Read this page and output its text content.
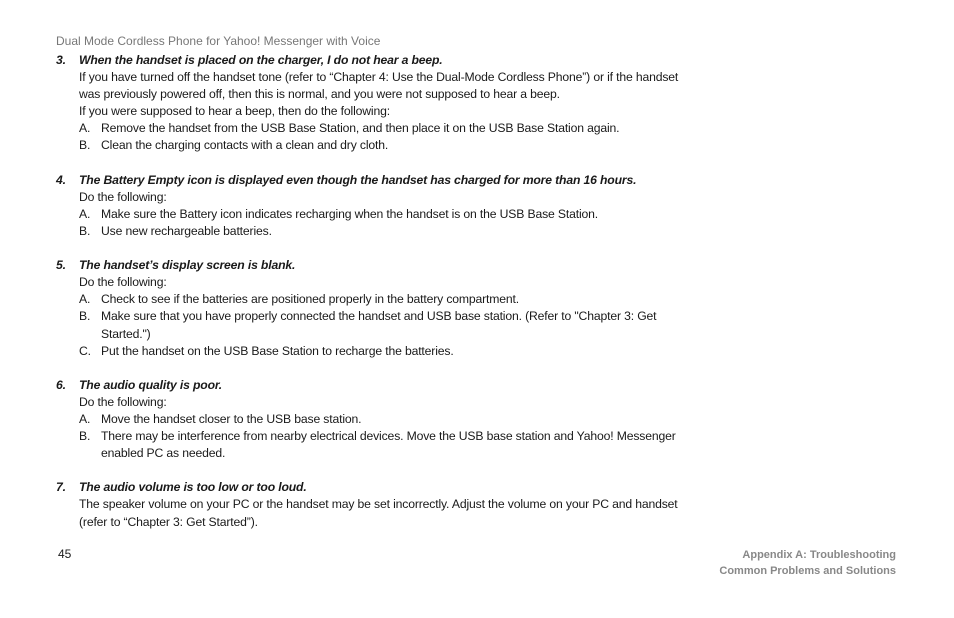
Dual Mode Cordless Phone for Yahoo! Messenger with Voice
3.	When the handset is placed on the charger, I do not hear a beep.
If you have turned off the handset tone (refer to “Chapter 4: Use the Dual-Mode Cordless Phone”) or if the handset was previously powered off, then this is normal, and you were not supposed to hear a beep.
If you were supposed to hear a beep, then do the following:
A. Remove the handset from the USB Base Station, and then place it on the USB Base Station again.
B. Clean the charging contacts with a clean and dry cloth.
4.	The Battery Empty icon is displayed even though the handset has charged for more than 16 hours.
Do the following:
A. Make sure the Battery icon indicates recharging when the handset is on the USB Base Station.
B. Use new rechargeable batteries.
5.	The handset’s display screen is blank.
Do the following:
A. Check to see if the batteries are positioned properly in the battery compartment.
B. Make sure that you have properly connected the handset and USB base station. (Refer to "Chapter 3: Get Started.")
C. Put the handset on the USB Base Station to recharge the batteries.
6.	The audio quality is poor.
Do the following:
A. Move the handset closer to the USB base station.
B. There may be interference from nearby electrical devices. Move the USB base station and Yahoo! Messenger enabled PC as needed.
7.	The audio volume is too low or too loud.
The speaker volume on your PC or the handset may be set incorrectly. Adjust the volume on your PC and handset (refer to “Chapter 3: Get Started”).
45	Appendix A: Troubleshooting
Common Problems and Solutions
